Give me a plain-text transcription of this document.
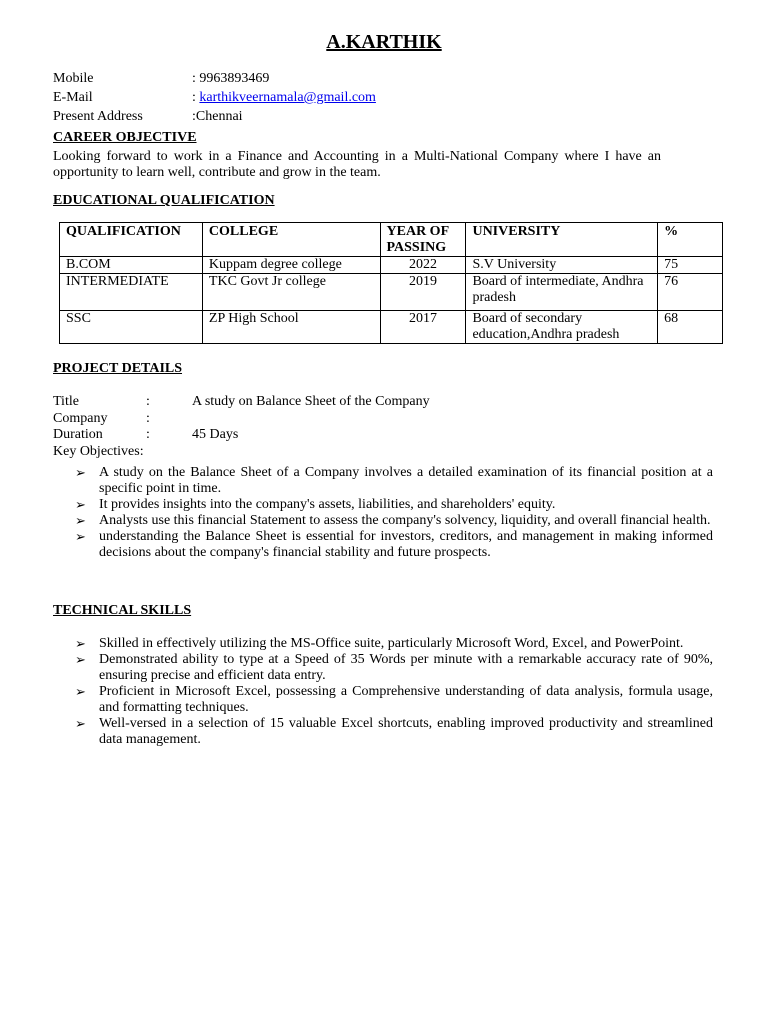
A.KARTHIK
Mobile	: 9963893469
E-Mail	: karthikveernamala@gmail.com
Present Address	:Chennai
CAREER OBJECTIVE
Looking forward to work in a Finance and Accounting in a Multi-National Company where I have an opportunity to learn well, contribute and grow in the team.
EDUCATIONAL QUALIFICATION
QUALIFICATION	COLLEGE	YEAR OF PASSING	UNIVERSITY	%
B.COM	Kuppam degree college	2022	S.V University	75
INTERMEDIATE	TKC Govt Jr college	2019	Board of intermediate, Andhra pradesh	76
SSC	ZP High School	2017	Board of secondary education,Andhra pradesh	68
PROJECT DETAILS
Title	:	A study on Balance Sheet of the Company
Company	:
Duration	:	45 Days
Key Objectives:
➢ A study on the Balance Sheet of a Company involves a detailed examination of its financial position at a specific point in time.
➢ It provides insights into the company's assets, liabilities, and shareholders' equity.
➢ Analysts use this financial Statement to assess the company's solvency, liquidity, and overall financial health.
➢ understanding the Balance Sheet is essential for investors, creditors, and management in making informed decisions about the company's financial stability and future prospects.
TECHNICAL SKILLS
➢ Skilled in effectively utilizing the MS-Office suite, particularly Microsoft Word, Excel, and PowerPoint.
➢ Demonstrated ability to type at a Speed of 35 Words per minute with a remarkable accuracy rate of 90%, ensuring precise and efficient data entry.
➢ Proficient in Microsoft Excel, possessing a Comprehensive understanding of data analysis, formula usage, and formatting techniques.
➢ Well-versed in a selection of 15 valuable Excel shortcuts, enabling improved productivity and streamlined data management.
